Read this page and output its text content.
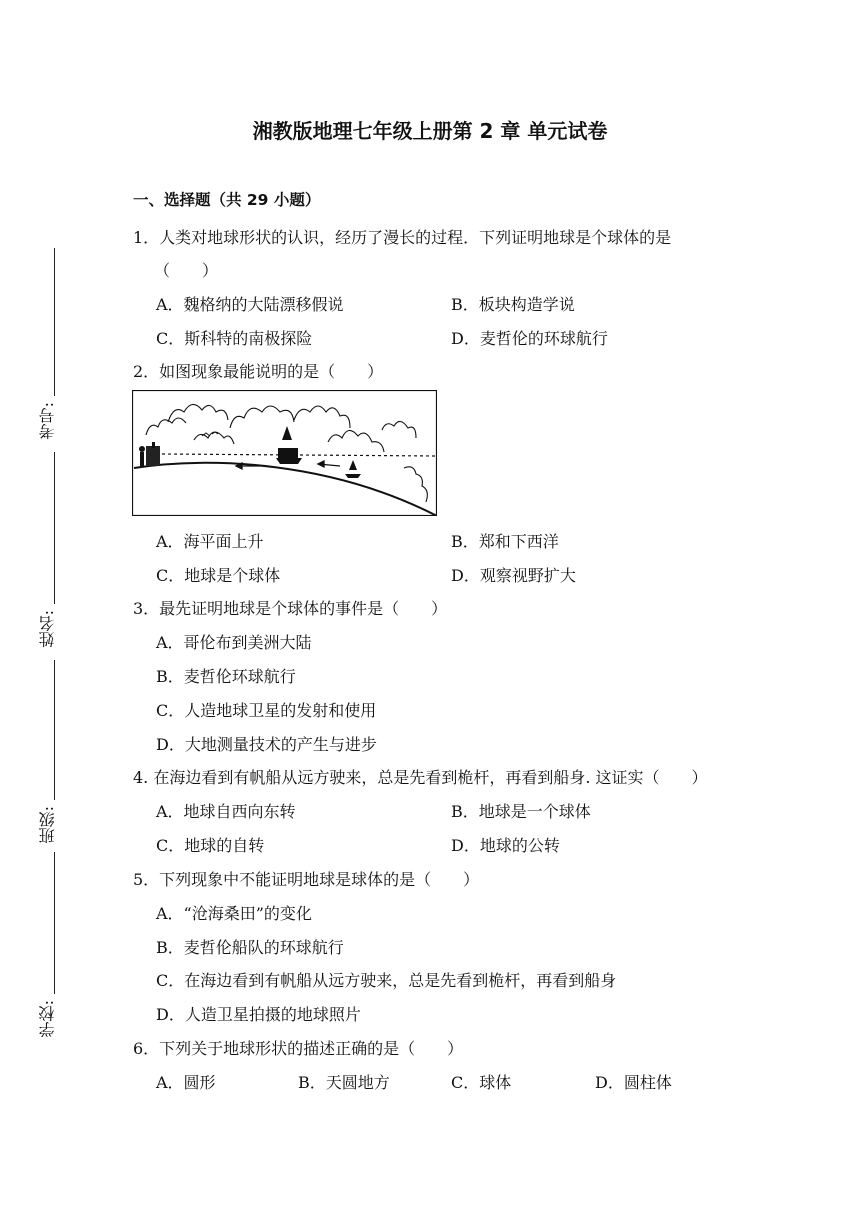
湘教版地理七年级上册第 2 章 单元试卷
一、选择题（共 29 小题）
考号:
姓名:
班级:
学校:
1．人类对地球形状的认识，经历了漫长的过程．下列证明地球是个球体的是
（　　）
A．魏格纳的大陆漂移假说	B．板块构造学说
C．斯科特的南极探险	D．麦哲伦的环球航行
2．如图现象最能说明的是（　　）
A．海平面上升	B．郑和下西洋
C．地球是个球体	D．观察视野扩大
3．最先证明地球是个球体的事件是（　　）
A．哥伦布到美洲大陆
B．麦哲伦环球航行
C．人造地球卫星的发射和使用
D．大地测量技术的产生与进步
4. 在海边看到有帆船从远方驶来，总是先看到桅杆，再看到船身. 这证实（　　）
A．地球自西向东转	B．地球是一个球体
C．地球的自转	D．地球的公转
5．下列现象中不能证明地球是球体的是（　　）
A．“沧海桑田”的变化
B．麦哲伦船队的环球航行
C．在海边看到有帆船从远方驶来，总是先看到桅杆，再看到船身
D．人造卫星拍摄的地球照片
6．下列关于地球形状的描述正确的是（　　）
A．圆形	B．天圆地方	C．球体	D．圆柱体
